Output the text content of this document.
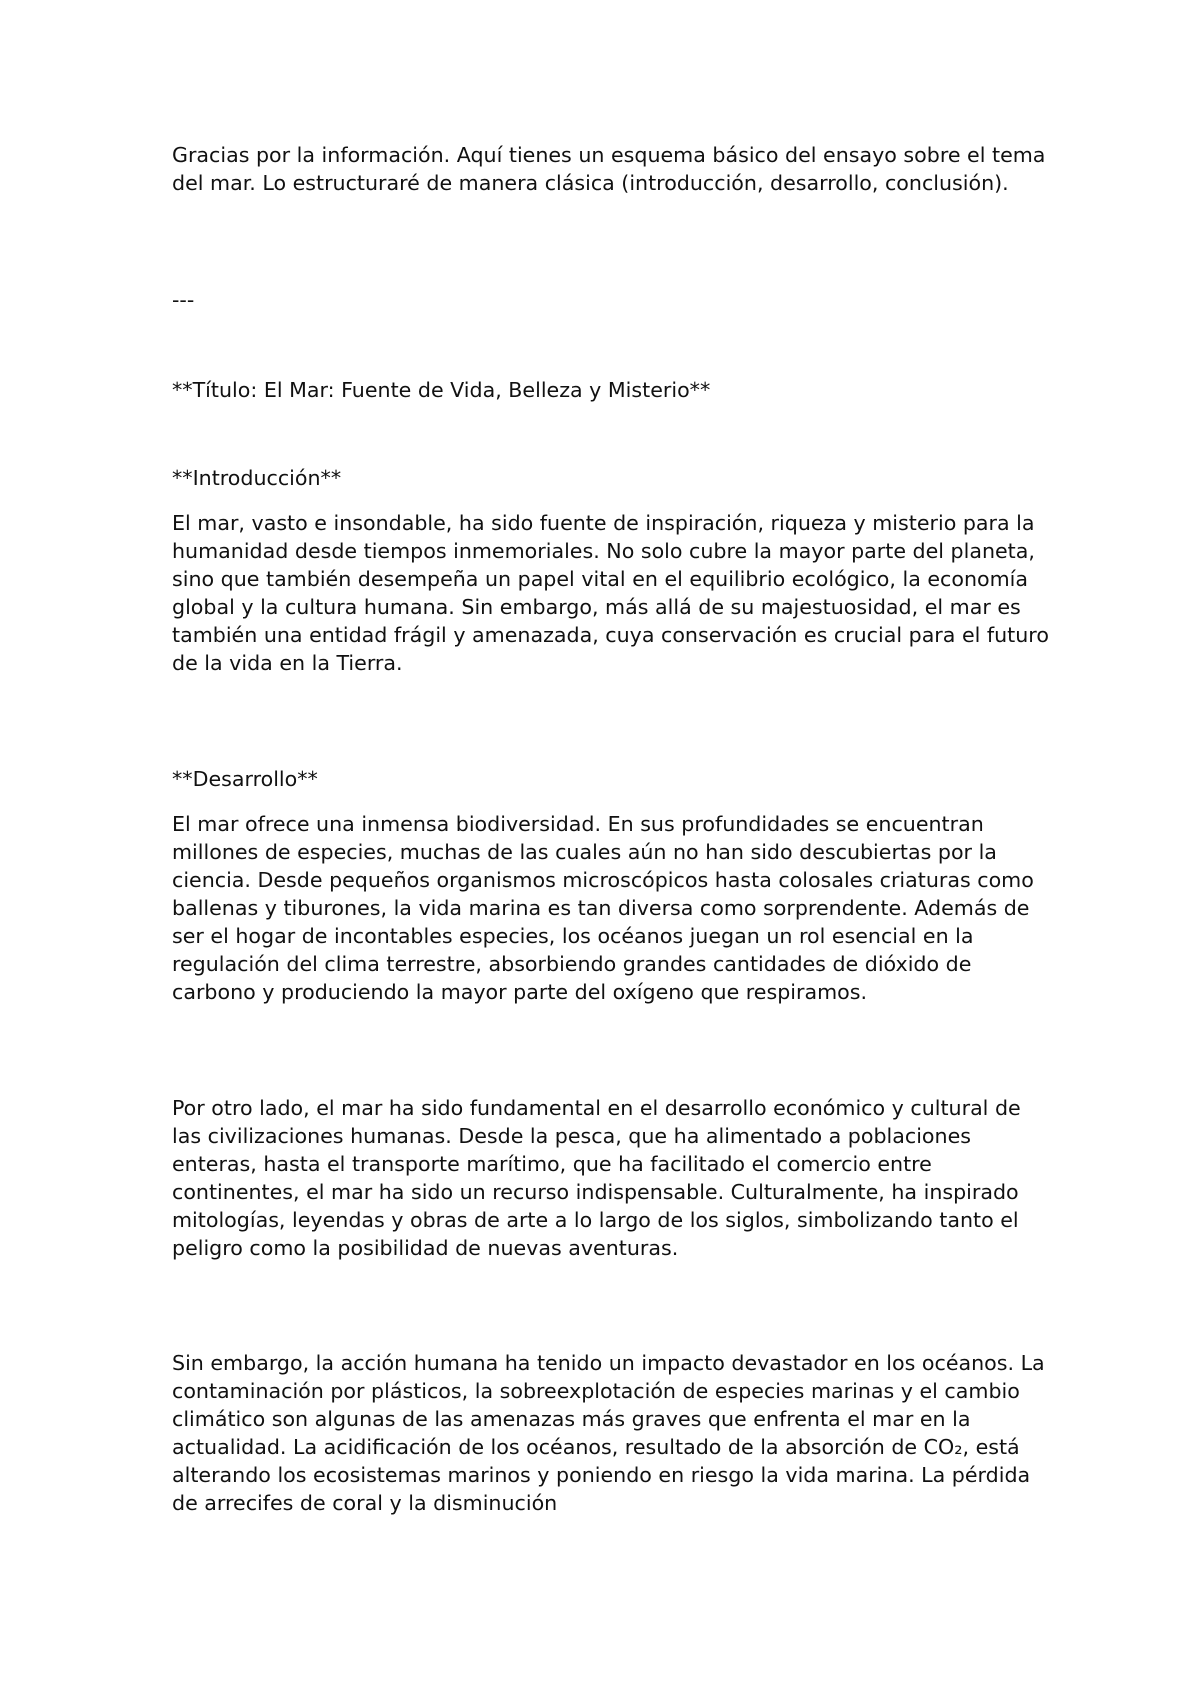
Gracias por la información. Aquí tienes un esquema básico del ensayo sobre el tema del mar. Lo estructuraré de manera clásica (introducción, desarrollo, conclusión).

---

**Título: El Mar: Fuente de Vida, Belleza y Misterio**

**Introducción**

El mar, vasto e insondable, ha sido fuente de inspiración, riqueza y misterio para la humanidad desde tiempos inmemoriales. No solo cubre la mayor parte del planeta, sino que también desempeña un papel vital en el equilibrio ecológico, la economía global y la cultura humana. Sin embargo, más allá de su majestuosidad, el mar es también una entidad frágil y amenazada, cuya conservación es crucial para el futuro de la vida en la Tierra.

**Desarrollo**

El mar ofrece una inmensa biodiversidad. En sus profundidades se encuentran millones de especies, muchas de las cuales aún no han sido descubiertas por la ciencia. Desde pequeños organismos microscópicos hasta colosales criaturas como ballenas y tiburones, la vida marina es tan diversa como sorprendente. Además de ser el hogar de incontables especies, los océanos juegan un rol esencial en la regulación del clima terrestre, absorbiendo grandes cantidades de dióxido de carbono y produciendo la mayor parte del oxígeno que respiramos.

Por otro lado, el mar ha sido fundamental en el desarrollo económico y cultural de las civilizaciones humanas. Desde la pesca, que ha alimentado a poblaciones enteras, hasta el transporte marítimo, que ha facilitado el comercio entre continentes, el mar ha sido un recurso indispensable. Culturalmente, ha inspirado mitologías, leyendas y obras de arte a lo largo de los siglos, simbolizando tanto el peligro como la posibilidad de nuevas aventuras.

Sin embargo, la acción humana ha tenido un impacto devastador en los océanos. La contaminación por plásticos, la sobreexplotación de especies marinas y el cambio climático son algunas de las amenazas más graves que enfrenta el mar en la actualidad. La acidificación de los océanos, resultado de la absorción de CO₂, está alterando los ecosistemas marinos y poniendo en riesgo la vida marina. La pérdida de arrecifes de coral y la disminución
